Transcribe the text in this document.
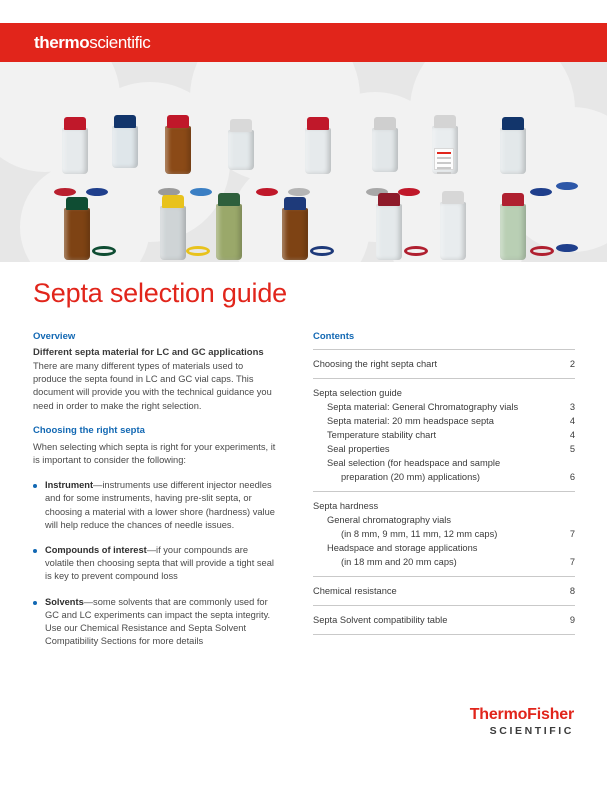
thermoscientific
Septa selection guide
Overview
Different septa material for LC and GC applications

There are many different types of materials used to produce the septa found in LC and GC vial caps. This document will provide you with the technical guidance you need in order to make the right selection.

Choosing the right septa

When selecting which septa is right for your experiments, it is important to consider the following:

Instrument—instruments use different injector needles and for some instruments, having pre-slit septa, or choosing a material with a lower shore (hardness) value will help reduce the chances of needle issues.
Compounds of interest—if your compounds are volatile then choosing septa that will provide a tight seal is key to prevent compound loss
Solvents—some solvents that are commonly used for GC and LC experiments can impact the septa integrity. Use our Chemical Resistance and Septa Solvent Compatibility Sections for more details
Contents
Choosing the right septa chart	2
Septa selection guide
Septa material: General Chromatography vials	3
Septa material: 20 mm headspace septa	4
Temperature stability chart	4
Seal properties	5
Seal selection (for headspace and sample
preparation (20 mm) applications)	6
Septa hardness
General chromatography vials
(in 8 mm, 9 mm, 11 mm, 12 mm caps)	7
Headspace and storage applications
(in 18 mm and 20 mm caps)	7
Chemical resistance	8
Septa Solvent compatibility table	9
ThermoFisher
SCIENTIFIC
